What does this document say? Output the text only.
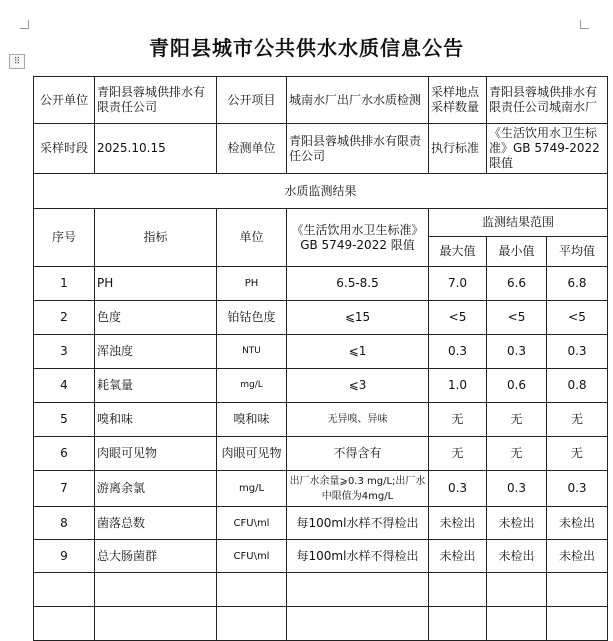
⠿
青阳县城市公共供水水质信息公告
公开单位	青阳县蓉城供排水有限责任公司	公开项目	城南水厂出厂水水质检测	采样地点采样数量	青阳县蓉城供排水有限责任公司城南水厂	
采样时段	2025.10.15	检测单位	青阳县蓉城供排水有限责任公司	执行标准	《生活饮用水卫生标准》GB 5749-2022 限值	
水质监测结果						
序号	指标	单位	《生活饮用水卫生标准》GB 5749-2022 限值	监测结果范围		
				最大值	最小值	平均值
1	PH	PH	6.5-8.5	7.0	6.6	6.8
2	色度	铂钴色度	⩽15	<5	<5	<5
3	浑浊度	NTU	⩽1	0.3	0.3	0.3
4	耗氧量	mg/L	⩽3	1.0	0.6	0.8
5	嗅和味	嗅和味	无异嗅、异味	无	无	无
6	肉眼可见物	肉眼可见物	不得含有	无	无	无
7	游离余氯	mg/L	出厂水余量⩾0.3 mg/L;出厂水中限值为4mg/L	0.3	0.3	0.3
8	菌落总数	CFU\ml	每100ml水样不得检出	未检出	未检出	未检出
9	总大肠菌群	CFU\ml	每100ml水样不得检出	未检出	未检出	未检出
